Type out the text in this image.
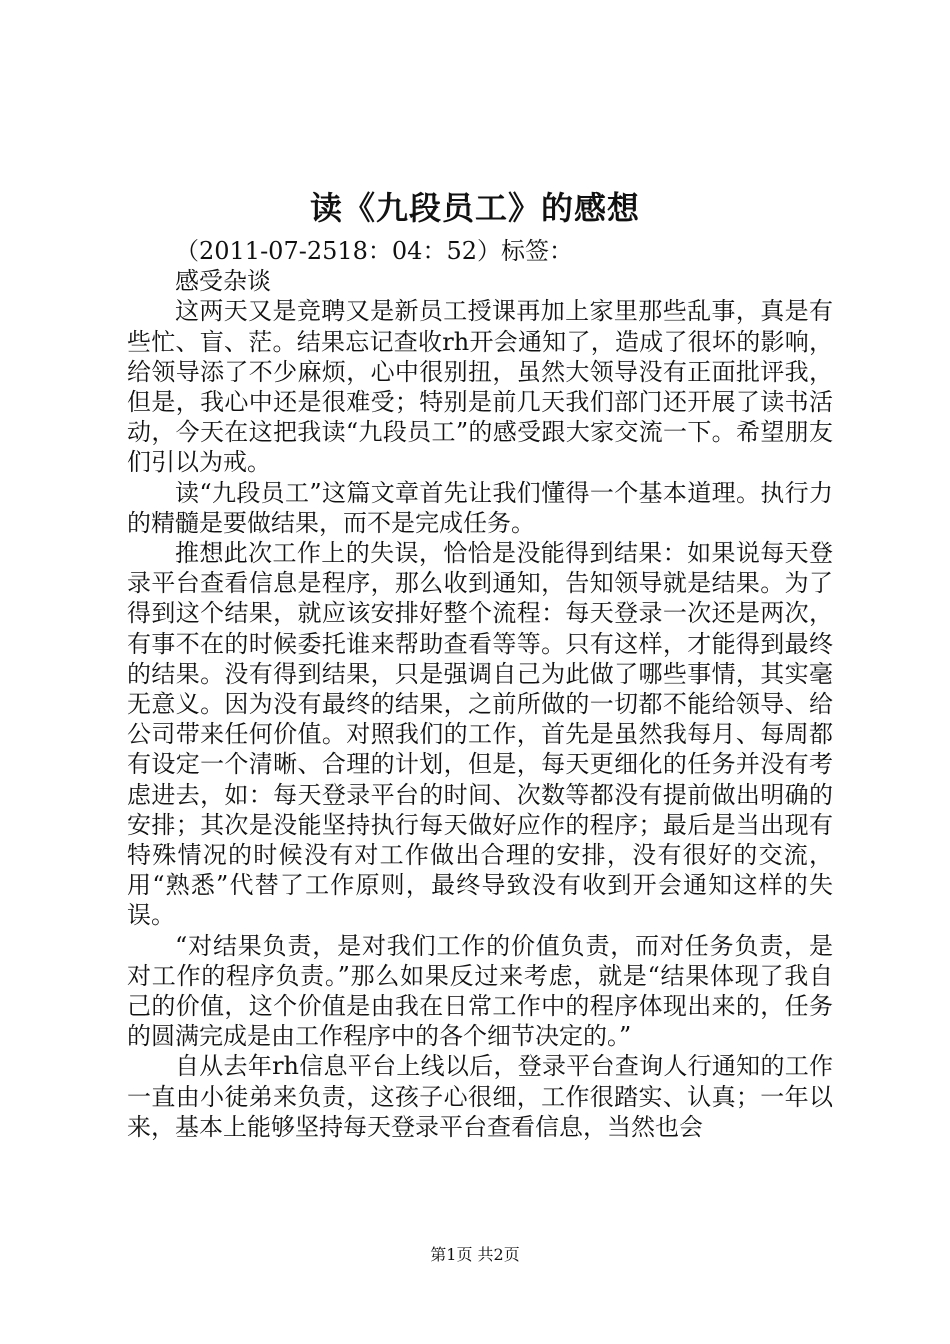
读《九段员工》的感想

（2011-07-2518：04：52）标签：

感受杂谈

这两天又是竞聘又是新员工授课再加上家里那些乱事，真是有些忙、盲、茫。结果忘记查收rh开会通知了，造成了很坏的影响，给领导添了不少麻烦，心中很别扭，虽然大领导没有正面批评我，但是，我心中还是很难受；特别是前几天我们部门还开展了读书活动，今天在这把我读“九段员工”的感受跟大家交流一下。希望朋友们引以为戒。

读“九段员工”这篇文章首先让我们懂得一个基本道理。执行力的精髓是要做结果，而不是完成任务。

推想此次工作上的失误，恰恰是没能得到结果：如果说每天登录平台查看信息是程序，那么收到通知，告知领导就是结果。为了得到这个结果，就应该安排好整个流程：每天登录一次还是两次，有事不在的时候委托谁来帮助查看等等。只有这样，才能得到最终的结果。没有得到结果，只是强调自己为此做了哪些事情，其实毫无意义。因为没有最终的结果，之前所做的一切都不能给领导、给公司带来任何价值。对照我们的工作，首先是虽然我每月、每周都有设定一个清晰、合理的计划，但是，每天更细化的任务并没有考虑进去，如：每天登录平台的时间、次数等都没有提前做出明确的安排；其次是没能坚持执行每天做好应作的程序；最后是当出现有特殊情况的时候没有对工作做出合理的安排，没有很好的交流，用“熟悉”代替了工作原则，最终导致没有收到开会通知这样的失误。

“对结果负责，是对我们工作的价值负责，而对任务负责，是对工作的程序负责。”那么如果反过来考虑，就是“结果体现了我自己的价值，这个价值是由我在日常工作中的程序体现出来的，任务的圆满完成是由工作程序中的各个细节决定的。”

自从去年rh信息平台上线以后，登录平台查询人行通知的工作一直由小徒弟来负责，这孩子心很细，工作很踏实、认真；一年以来，基本上能够坚持每天登录平台查看信息，当然也会

第1页 共2页
